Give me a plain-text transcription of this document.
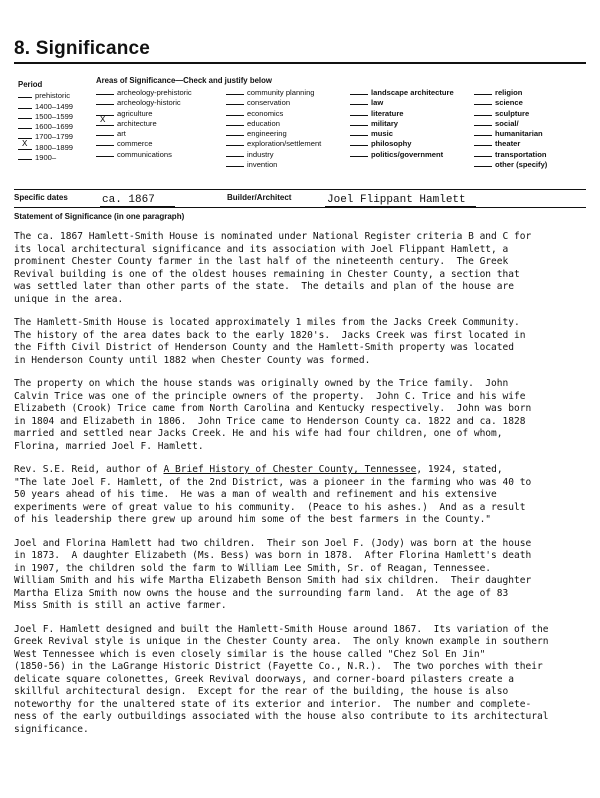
8. Significance
Period
prehistoric
1400–1499
1500–1599
1600–1699
1700–1799
X 1800–1899
1900–
Areas of Significance—Check and justify below
archeology-prehistoric
archeology-historic
agriculture
X architecture
art
commerce
communications
community planning
conservation
economics
education
engineering
exploration/settlement
industry
invention
landscape architecture
law
literature
military
music
philosophy
politics/government
religion
science
sculpture
social/
humanitarian
theater
transportation
other (specify)
Specific dates	ca. 1867	Builder/Architect	Joel Flippant Hamlett
Statement of Significance (in one paragraph)

The ca. 1867 Hamlett-Smith House is nominated under National Register criteria B and C for
its local architectural significance and its association with Joel Flippant Hamlett, a
prominent Chester County farmer in the last half of the nineteenth century.  The Greek
Revival building is one of the oldest houses remaining in Chester County, a section that
was settled later than other parts of the state.  The details and plan of the house are
unique in the area.

The Hamlett-Smith House is located approximately 1 miles from the Jacks Creek Community.
The history of the area dates back to the early 1820's.  Jacks Creek was first located in
the Fifth Civil District of Henderson County and the Hamlett-Smith property was located
in Henderson County until 1882 when Chester County was formed.

The property on which the house stands was originally owned by the Trice family.  John
Calvin Trice was one of the principle owners of the property.  John C. Trice and his wife
Elizabeth (Crook) Trice came from North Carolina and Kentucky respectively.  John was born
in 1804 and Elizabeth in 1806.  John Trice came to Henderson County ca. 1822 and ca. 1828
married and settled near Jacks Creek. He and his wife had four children, one of whom,
Florina, married Joel F. Hamlett.

Rev. S.E. Reid, author of A Brief History of Chester County, Tennessee, 1924, stated,
"The late Joel F. Hamlett, of the 2nd District, was a pioneer in the farming who was 40 to
50 years ahead of his time.  He was a man of wealth and refinement and his extensive
experiments were of great value to his community.  (Peace to his ashes.)  And as a result
of his leadership there grew up around him some of the best farmers in the County."

Joel and Florina Hamlett had two children.  Their son Joel F. (Jody) was born at the house
in 1873.  A daughter Elizabeth (Ms. Bess) was born in 1878.  After Florina Hamlett's death
in 1907, the children sold the farm to William Lee Smith, Sr. of Reagan, Tennessee.
William Smith and his wife Martha Elizabeth Benson Smith had six children.  Their daughter
Martha Eliza Smith now owns the house and the surrounding farm land.  At the age of 83
Miss Smith is still an active farmer.

Joel F. Hamlett designed and built the Hamlett-Smith House around 1867.  Its variation of the
Greek Revival style is unique in the Chester County area.  The only known example in southern
West Tennessee which is even closely similar is the house called "Chez Sol En Jin"
(1850-56) in the LaGrange Historic District (Fayette Co., N.R.).  The two porches with their
delicate square colonettes, Greek Revival doorways, and corner-board pilasters create a
skillful architectural design.  Except for the rear of the building, the house is also
noteworthy for the unaltered state of its exterior and interior.  The number and complete-
ness of the early outbuildings associated with the house also contribute to its architectural
significance.
